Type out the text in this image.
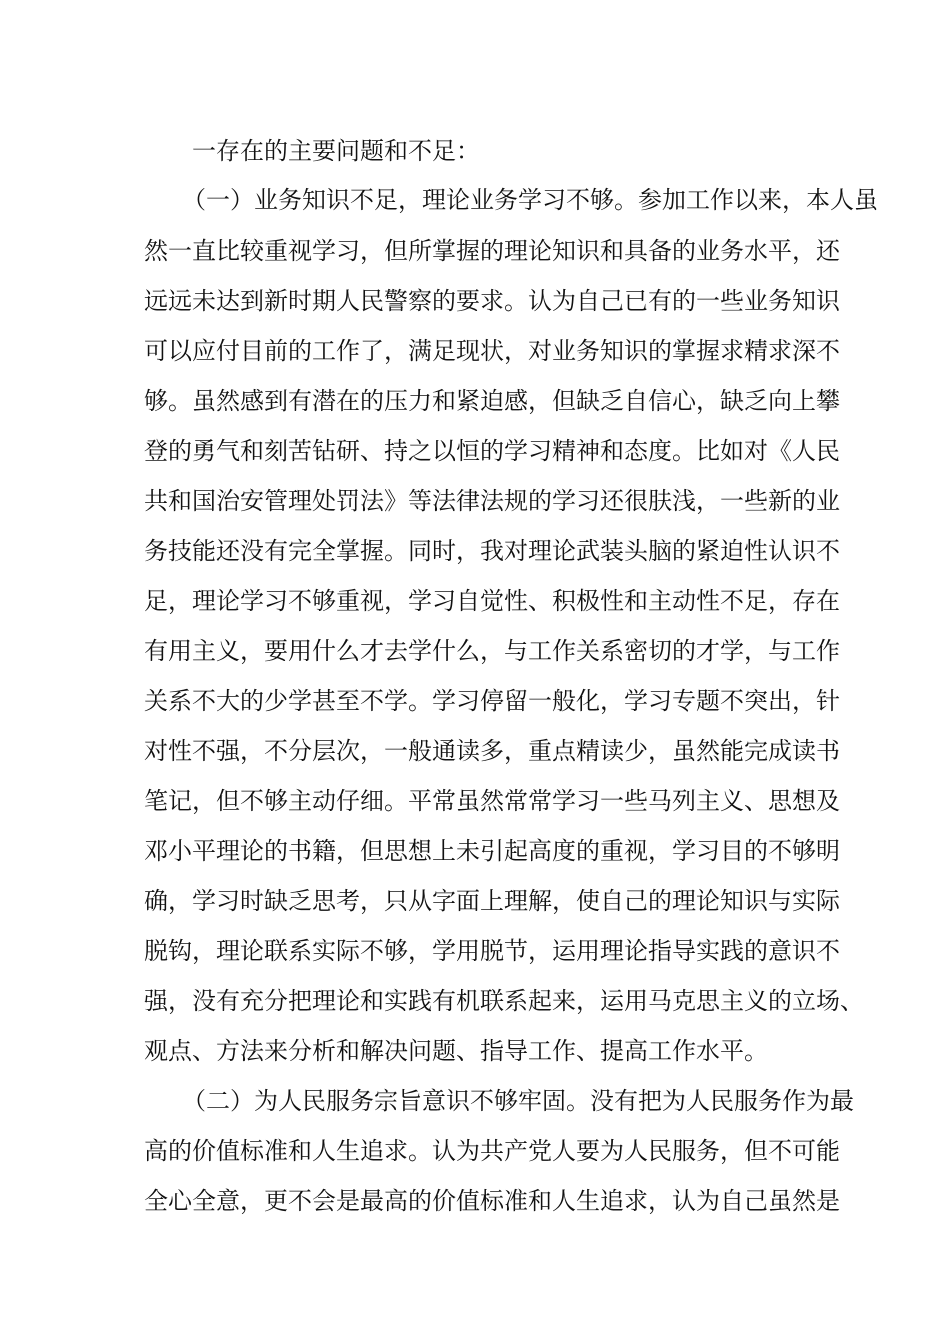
一存在的主要问题和不足：
（一）业务知识不足，理论业务学习不够。参加工作以来，本人虽
然一直比较重视学习，但所掌握的理论知识和具备的业务水平，还
远远未达到新时期人民警察的要求。认为自己已有的一些业务知识
可以应付目前的工作了，满足现状，对业务知识的掌握求精求深不
够。虽然感到有潜在的压力和紧迫感，但缺乏自信心，缺乏向上攀
登的勇气和刻苦钻研、持之以恒的学习精神和态度。比如对《人民
共和国治安管理处罚法》等法律法规的学习还很肤浅，一些新的业
务技能还没有完全掌握。同时，我对理论武装头脑的紧迫性认识不
足，理论学习不够重视，学习自觉性、积极性和主动性不足，存在
有用主义，要用什么才去学什么，与工作关系密切的才学，与工作
关系不大的少学甚至不学。学习停留一般化，学习专题不突出，针
对性不强，不分层次，一般通读多，重点精读少，虽然能完成读书
笔记，但不够主动仔细。平常虽然常常学习一些马列主义、思想及
邓小平理论的书籍，但思想上未引起高度的重视，学习目的不够明
确，学习时缺乏思考，只从字面上理解，使自己的理论知识与实际
脱钩，理论联系实际不够，学用脱节，运用理论指导实践的意识不
强，没有充分把理论和实践有机联系起来，运用马克思主义的立场、
观点、方法来分析和解决问题、指导工作、提高工作水平。
（二）为人民服务宗旨意识不够牢固。没有把为人民服务作为最
高的价值标准和人生追求。认为共产党人要为人民服务，但不可能
全心全意，更不会是最高的价值标准和人生追求，认为自己虽然是
